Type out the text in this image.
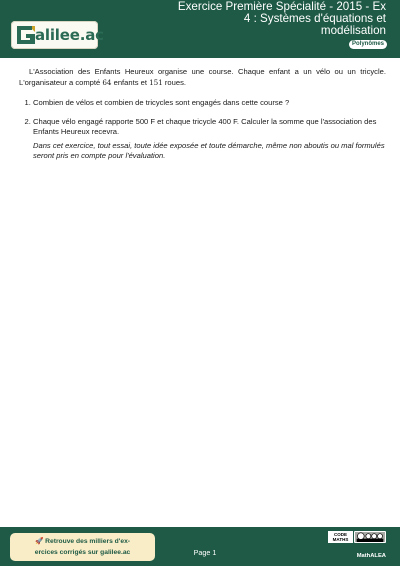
alilee.ac
Exercice Première Spécialité - 2015 - Ex
4 : Systèmes d'équations et
modélisation
Polynômes

L'Association des Enfants Heureux organise une course. Chaque enfant a un vélo ou un tricycle. L'organisateur a compté 64 enfants et 151 roues.

1. Combien de vélos et combien de tricycles sont engagés dans cette course ?
2. Chaque vélo engagé rapporte 500 F et chaque tricycle 400 F. Calculer la somme que l'association des Enfants Heureux recevra.
Dans cet exercice, tout essai, toute idée exposée et toute démarche, même non aboutis ou mal formulés seront pris en compte pour l'évaluation.
🚀 Retrouve des milliers d'ex-
ercices corrigés sur galilee.ac	Page 1
CODE
MATHS
MathALEA
